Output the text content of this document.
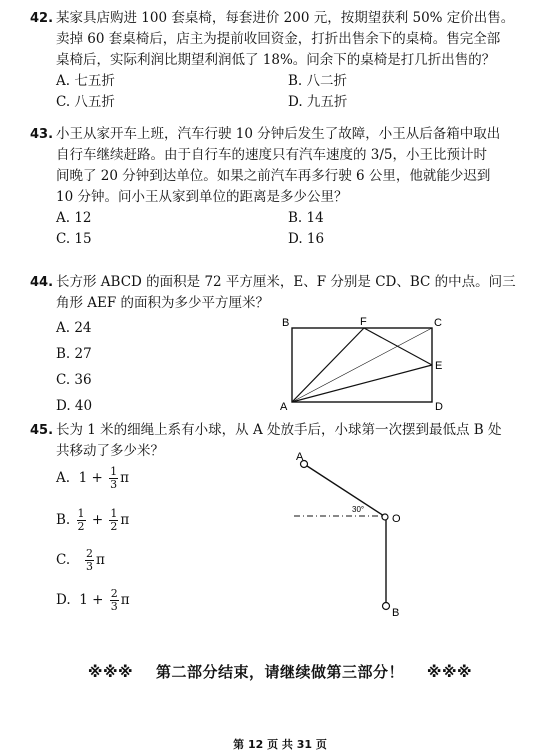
42. 某家具店购进 100 套桌椅，每套进价 200 元，按期望获利 50% 定价出售。
卖掉 60 套桌椅后，店主为提前收回资金，打折出售余下的桌椅。售完全部
桌椅后，实际利润比期望利润低了 18%。问余下的桌椅是打几折出售的？
A. 七五折	B. 八二折
C. 八五折	D. 九五折
43. 小王从家开车上班，汽车行驶 10 分钟后发生了故障，小王从后备箱中取出
自行车继续赶路。由于自行车的速度只有汽车速度的 3/5，小王比预计时
间晚了 20 分钟到达单位。如果之前汽车再多行驶 6 公里，他就能少迟到
10 分钟。问小王从家到单位的距离是多少公里？
A. 12	B. 14
C. 15	D. 16
44. 长方形 ABCD 的面积是 72 平方厘米，E、F 分别是 CD、BC 的中点。问三
角形 AEF 的面积为多少平方厘米？
A. 24
B. 27
C. 36
D. 40
B	F	C
E
A	D
45. 长为 1 米的细绳上系有小球，从 A 处放手后，小球第一次摆到最低点 B 处
共移动了多少米？
A. $1 + \frac{1}{3}$ π
B. $\frac{1}{2} + \frac{1}{2}$ π
C. $\frac{2}{3}$ π
D. $1 + \frac{2}{3}$ π
A
O
B
30°
※※※    第二部分结束，请继续做第三部分！    ※※※
第 12 页 共 31 页
